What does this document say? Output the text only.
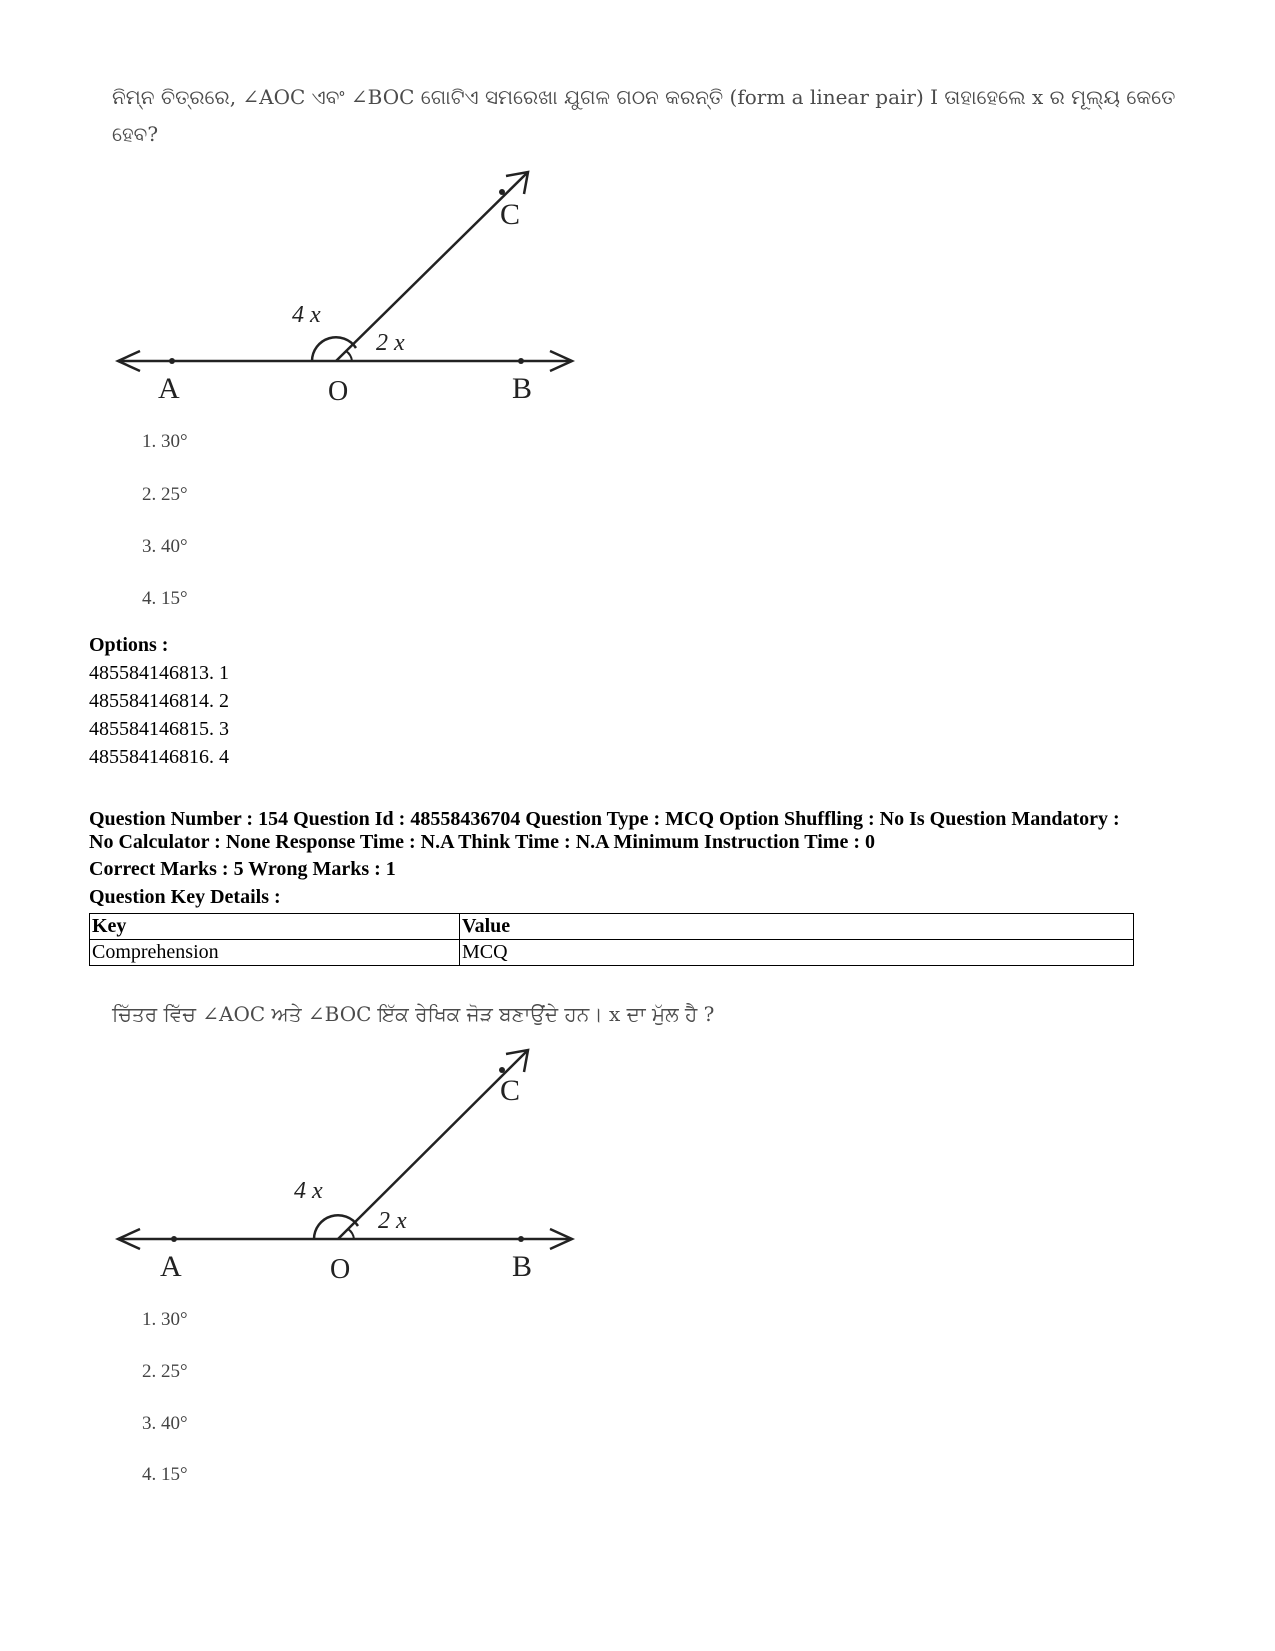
ନିମ୍ନ ଚିତ୍ରରେ, ∠AOC ଏବଂ ∠BOC ଗୋଟିଏ ସମରେଖା ଯୁଗଳ ଗଠନ କରନ୍ତି (form a linear pair) I ତାହାହେଲେ x ର ମୂଲ୍ୟ କେତେ
ହେବ?
A	O	B
C
4 x
2 x
1. 30°
2. 25°
3. 40°
4. 15°
Options :
485584146813. 1
485584146814. 2
485584146815. 3
485584146816. 4
Question Number : 154 Question Id : 48558436704 Question Type : MCQ Option Shuffling : No Is Question Mandatory :
No Calculator : None Response Time : N.A Think Time : N.A Minimum Instruction Time : 0
Correct Marks : 5 Wrong Marks : 1
Question Key Details :
Key	Value
Comprehension	MCQ
ਚਿੱਤਰ ਵਿੱਚ ∠AOC ਅਤੇ ∠BOC ਇੱਕ ਰੇਖਿਕ ਜੋੜ ਬਣਾਉਂਦੇ ਹਨ। x ਦਾ ਮੁੱਲ ਹੈ ?
A	O	B
C
4 x
2 x
1. 30°
2. 25°
3. 40°
4. 15°
